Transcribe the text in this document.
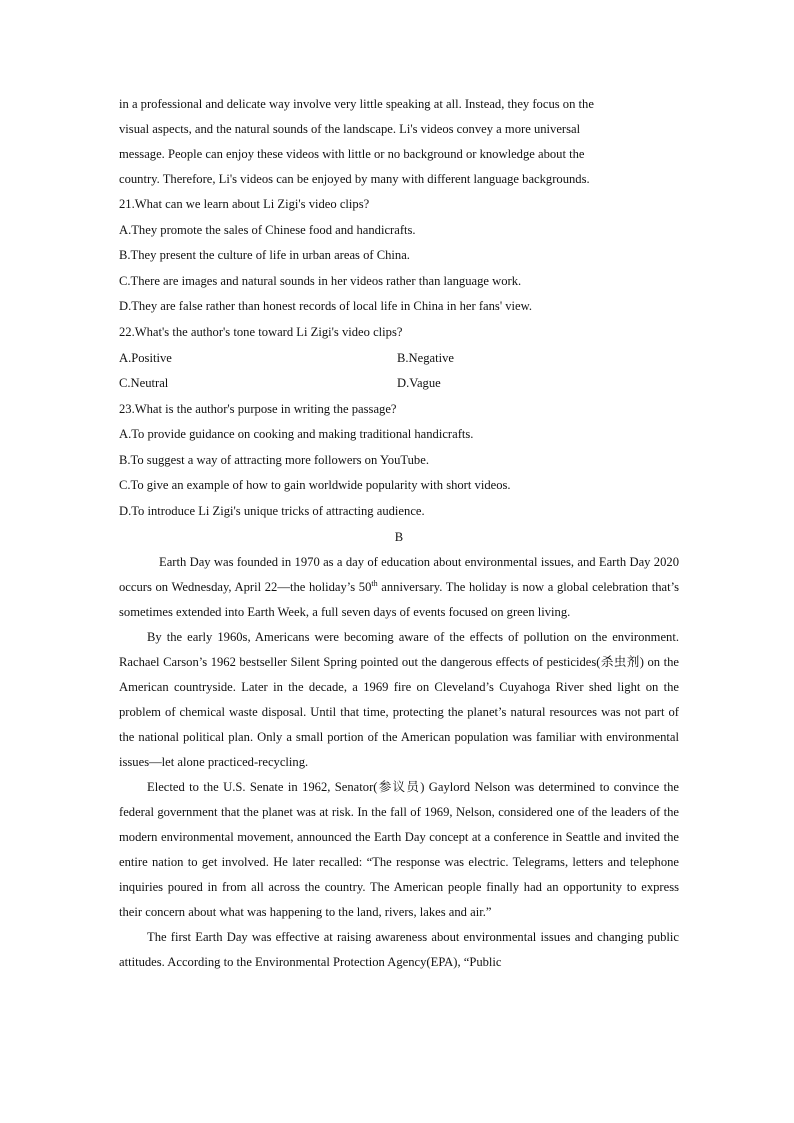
in a professional and delicate way involve very little speaking at all. Instead, they focus on the
visual aspects, and the natural sounds of the landscape. Li's videos convey a more universal
message. People can enjoy these videos with little or no background or knowledge about the
country. Therefore, Li's videos can be enjoyed by many with different language backgrounds.
21.What can we learn about Li Zigi's video clips?
A.They promote the sales of Chinese food and handicrafts.
B.They present the culture of life in urban areas of China.
C.There are images and natural sounds in her videos rather than language work.
D.They are false rather than honest records of local life in China in her fans' view.
22.What's the author's tone toward Li Zigi's video clips?
A.Positive	B.Negative
C.Neutral	D.Vague
23.What is the author's purpose in writing the passage?
A.To provide guidance on cooking and making traditional handicrafts.
B.To suggest a way of attracting more followers on YouTube.
C.To give an example of how to gain worldwide popularity with short videos.
D.To introduce Li Zigi's unique tricks of attracting audience.
B

Earth Day was founded in 1970 as a day of education about environmental issues, and Earth Day 2020 occurs on Wednesday, April 22—the holiday’s 50th anniversary. The holiday is now a global celebration that’s sometimes extended into Earth Week, a full seven days of events focused on green living.

By the early 1960s, Americans were becoming aware of the effects of pollution on the environment. Rachael Carson’s 1962 bestseller Silent Spring pointed out the dangerous effects of pesticides(杀虫剂) on the American countryside. Later in the decade, a 1969 fire on Cleveland’s Cuyahoga River shed light on the problem of chemical waste disposal. Until that time, protecting the planet’s natural resources was not part of the national political plan. Only a small portion of the American population was familiar with environmental issues—let alone practiced-recycling.

Elected to the U.S. Senate in 1962, Senator(参议员) Gaylord Nelson was determined to convince the federal government that the planet was at risk. In the fall of 1969, Nelson, considered one of the leaders of the modern environmental movement, announced the Earth Day concept at a conference in Seattle and invited the entire nation to get involved. He later recalled: “The response was electric. Telegrams, letters and telephone inquiries poured in from all across the country. The American people finally had an opportunity to express their concern about what was happening to the land, rivers, lakes and air.”

The first Earth Day was effective at raising awareness about environmental issues and changing public attitudes. According to the Environmental Protection Agency(EPA), “Public
